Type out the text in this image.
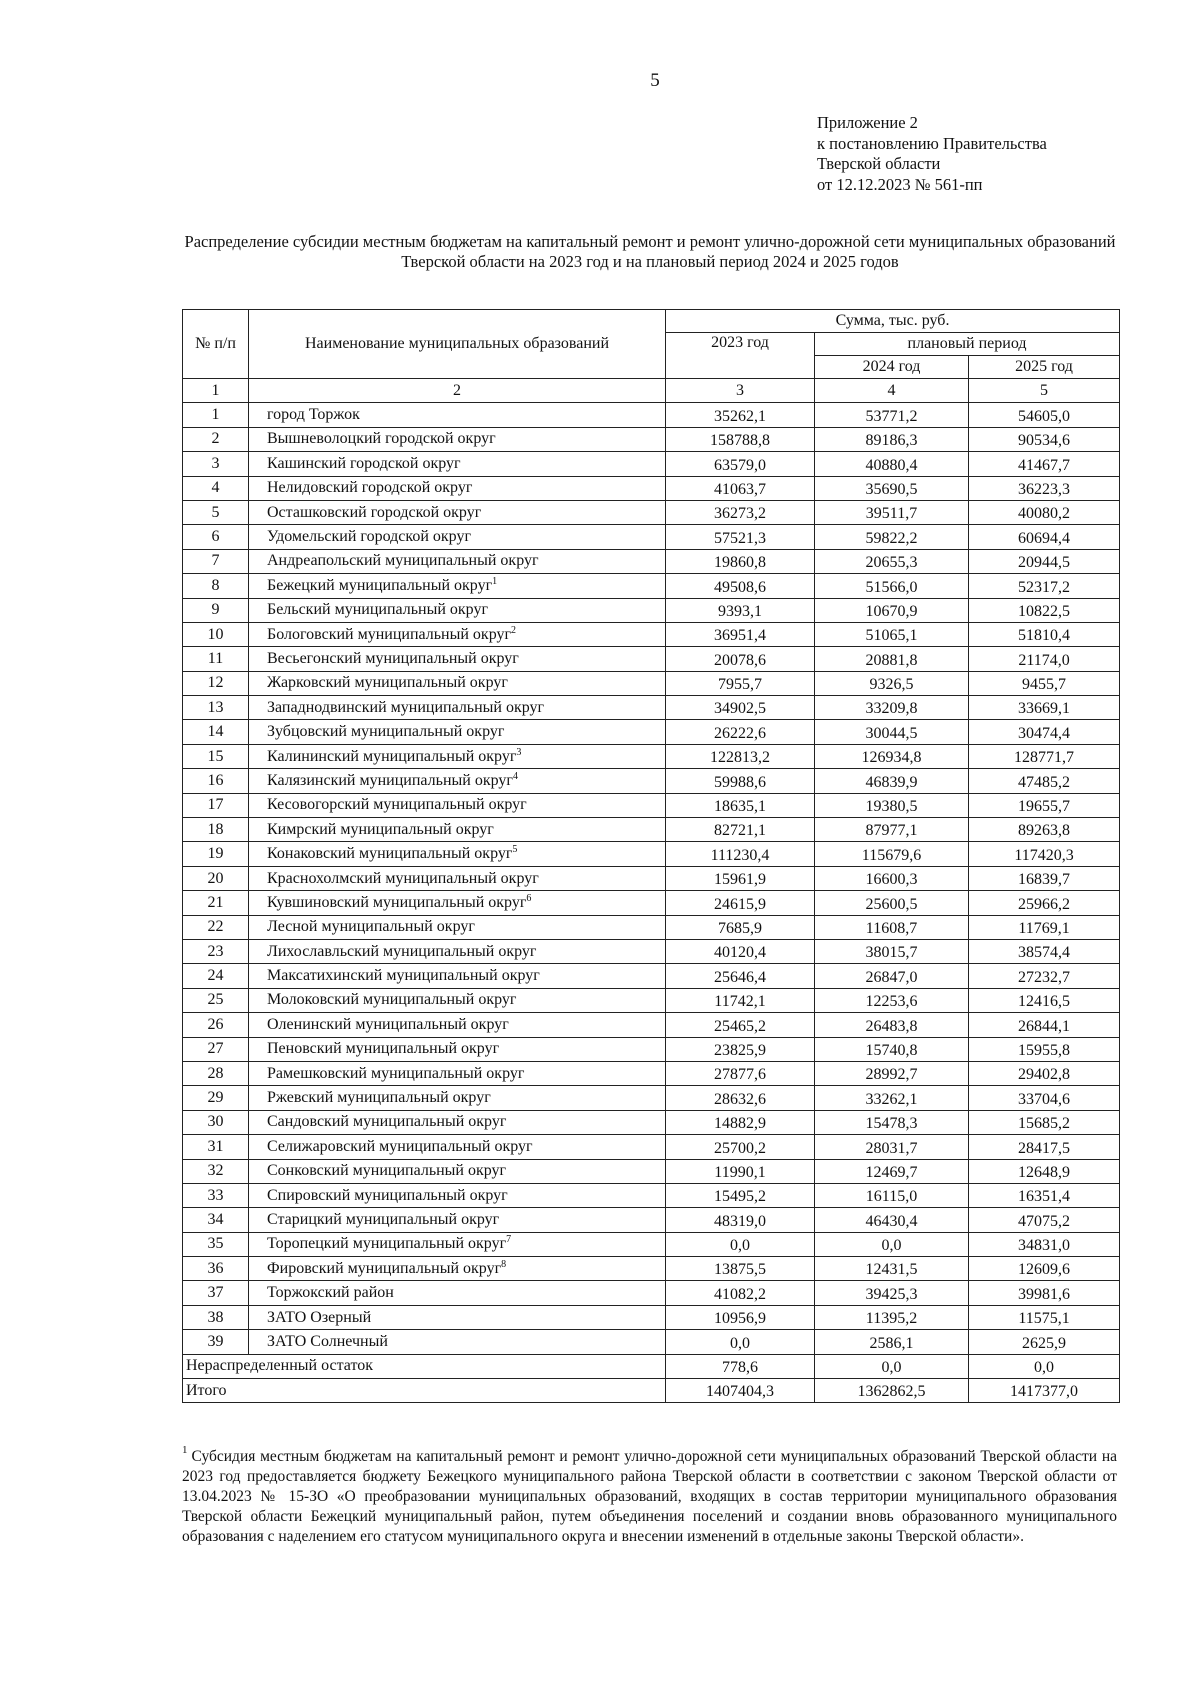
5
Приложение 2
к постановлению Правительства
Тверской области
от 12.12.2023 № 561-пп
Распределение субсидии местным бюджетам на капитальный ремонт и ремонт улично-дорожной сети муниципальных образований
Тверской области на 2023 год и на плановый период 2024 и 2025 годов
№ п/п	Наименование муниципальных образований	Сумма, тыс. руб.		
		2023 год	плановый период	
			2024 год	2025 год
1	2	3	4	5
1	город Торжок	35262,1	53771,2	54605,0
2	Вышневолоцкий городской округ	158788,8	89186,3	90534,6
3	Кашинский городской округ	63579,0	40880,4	41467,7
4	Нелидовский городской округ	41063,7	35690,5	36223,3
5	Осташковский городской округ	36273,2	39511,7	40080,2
6	Удомельский городской округ	57521,3	59822,2	60694,4
7	Андреапольский муниципальный округ	19860,8	20655,3	20944,5
8	Бежецкий муниципальный округ$^1$	49508,6	51566,0	52317,2
9	Бельский муниципальный округ	9393,1	10670,9	10822,5
10	Бологовский муниципальный округ$^2$	36951,4	51065,1	51810,4
11	Весьегонский муниципальный округ	20078,6	20881,8	21174,0
12	Жарковский муниципальный округ	7955,7	9326,5	9455,7
13	Западнодвинский муниципальный округ	34902,5	33209,8	33669,1
14	Зубцовский муниципальный округ	26222,6	30044,5	30474,4
15	Калининский муниципальный округ$^3$	122813,2	126934,8	128771,7
16	Калязинский муниципальный округ$^4$	59988,6	46839,9	47485,2
17	Кесовогорский муниципальный округ	18635,1	19380,5	19655,7
18	Кимрский муниципальный округ	82721,1	87977,1	89263,8
19	Конаковский муниципальный округ$^5$	111230,4	115679,6	117420,3
20	Краснохолмский муниципальный округ	15961,9	16600,3	16839,7
21	Кувшиновский муниципальный округ$^6$	24615,9	25600,5	25966,2
22	Лесной муниципальный округ	7685,9	11608,7	11769,1
23	Лихославльский муниципальный округ	40120,4	38015,7	38574,4
24	Максатихинский муниципальный округ	25646,4	26847,0	27232,7
25	Молоковский муниципальный округ	11742,1	12253,6	12416,5
26	Оленинский муниципальный округ	25465,2	26483,8	26844,1
27	Пеновский муниципальный округ	23825,9	15740,8	15955,8
28	Рамешковский муниципальный округ	27877,6	28992,7	29402,8
29	Ржевский муниципальный округ	28632,6	33262,1	33704,6
30	Сандовский муниципальный округ	14882,9	15478,3	15685,2
31	Селижаровский муниципальный округ	25700,2	28031,7	28417,5
32	Сонковский муниципальный округ	11990,1	12469,7	12648,9
33	Спировский муниципальный округ	15495,2	16115,0	16351,4
34	Старицкий муниципальный округ	48319,0	46430,4	47075,2
35	Торопецкий муниципальный округ$^7$	0,0	0,0	34831,0
36	Фировский муниципальный округ$^8$	13875,5	12431,5	12609,6
37	Торжокский район	41082,2	39425,3	39981,6
38	ЗАТО Озерный	10956,9	11395,2	11575,1
39	ЗАТО Солнечный	0,0	2586,1	2625,9
Нераспределенный остаток		778,6	0,0	0,0
Итого		1407404,3	1362862,5	1417377,0
$^1$ Субсидия местным бюджетам на капитальный ремонт и ремонт улично-дорожной сети муниципальных образований Тверской области на 2023 год предоставляется бюджету Бежецкого муниципального района Тверской области в соответствии с законом Тверской области от 13.04.2023 № 15-ЗО «О преобразовании муниципальных образований, входящих в состав территории муниципального образования Тверской области Бежецкий муниципальный район, путем объединения поселений и создании вновь образованного муниципального образования с наделением его статусом муниципального округа и внесении изменений в отдельные законы Тверской области».
